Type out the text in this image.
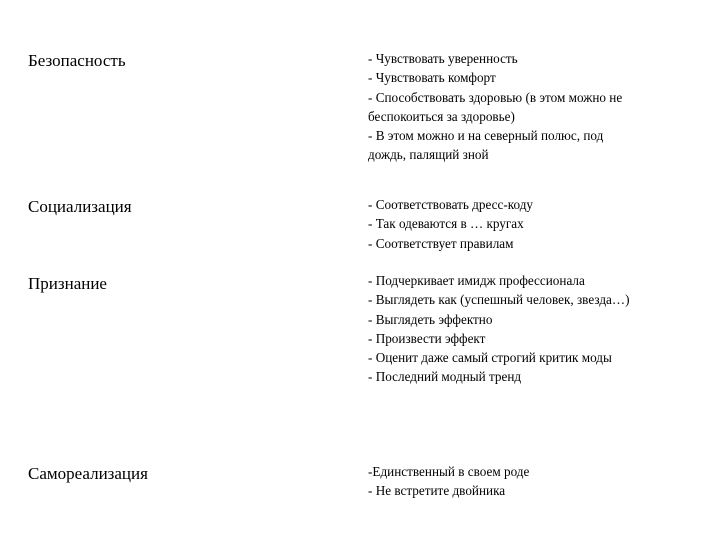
Безопасность	- Чувствовать уверенность
- Чувствовать комфорт
- Способствовать здоровью (в этом можно не
беспокоиться за здоровье)
- В этом можно и на северный полюс, под
дождь, палящий зной
Социализация	- Соответствовать дресс-коду
- Так одеваются в … кругах
- Соответствует правилам
Признание	- Подчеркивает имидж профессионала
- Выглядеть как (успешный человек, звезда…)
- Выглядеть эффектно
- Произвести эффект
- Оценит даже самый строгий критик моды
- Последний модный тренд
Самореализация	-Единственный в своем роде
- Не встретите двойника
